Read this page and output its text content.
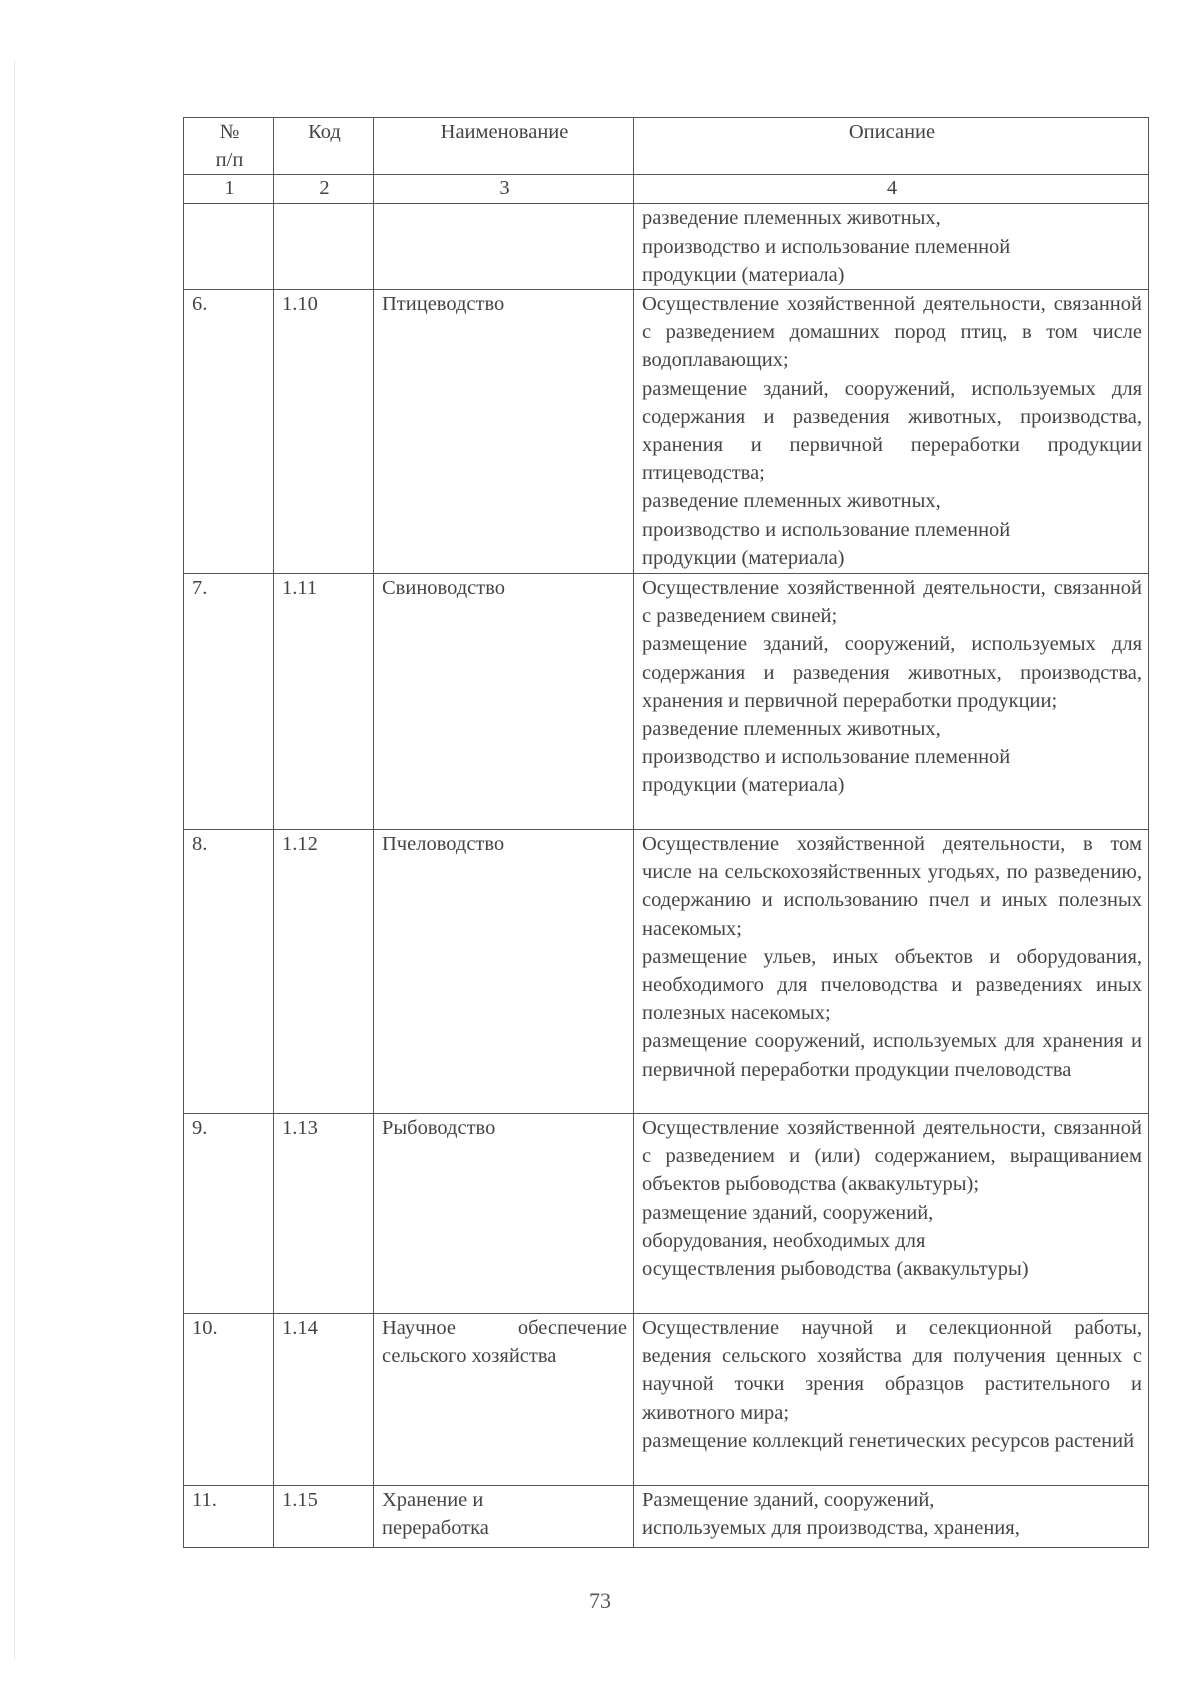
№
п/п	Код	Наименование	Описание
1	2	3	4

			разведение племенных животных,

производство и использование племенной

продукции (материала)

6.	1.10	Птицеводство	Осуществление хозяйственной деятельности, связанной с разведением домашних пород птиц, в том числе водоплавающих;

размещение зданий, сооружений, используемых для содержания и разведения животных, производства, хранения и первичной переработки продукции птицеводства;

разведение племенных животных,

производство и использование племенной

продукции (материала)

7.	1.11	Свиноводство	Осуществление хозяйственной деятельности, связанной с разведением свиней;

размещение зданий, сооружений, используемых для содержания и разведения животных, производства, хранения и первичной переработки продукции;

разведение племенных животных,

производство и использование племенной

продукции (материала)

8.	1.12	Пчеловодство	Осуществление хозяйственной деятельности, в том числе на сельскохозяйственных угодьях, по разведению, содержанию и использованию пчел и иных полезных насекомых;

размещение ульев, иных объектов и оборудования, необходимого для пчеловодства и разведениях иных полезных насекомых;

размещение сооружений, используемых для хранения и первичной переработки продукции пчеловодства

9.	1.13	Рыбоводство	Осуществление хозяйственной деятельности, связанной с разведением и (или) содержанием, выращиванием объектов рыбоводства (аквакультуры);

размещение зданий, сооружений,

оборудования, необходимых для

осуществления рыбоводства (аквакультуры)

10.	1.14	Научное обеспечение сельского хозяйства	Осуществление научной и селекционной работы, ведения сельского хозяйства для получения ценных с научной точки зрения образцов растительного и животного мира;

размещение коллекций генетических ресурсов растений

11.	1.15	Хранение и переработка	Размещение зданий, сооружений,

используемых для производства, хранения,

73
